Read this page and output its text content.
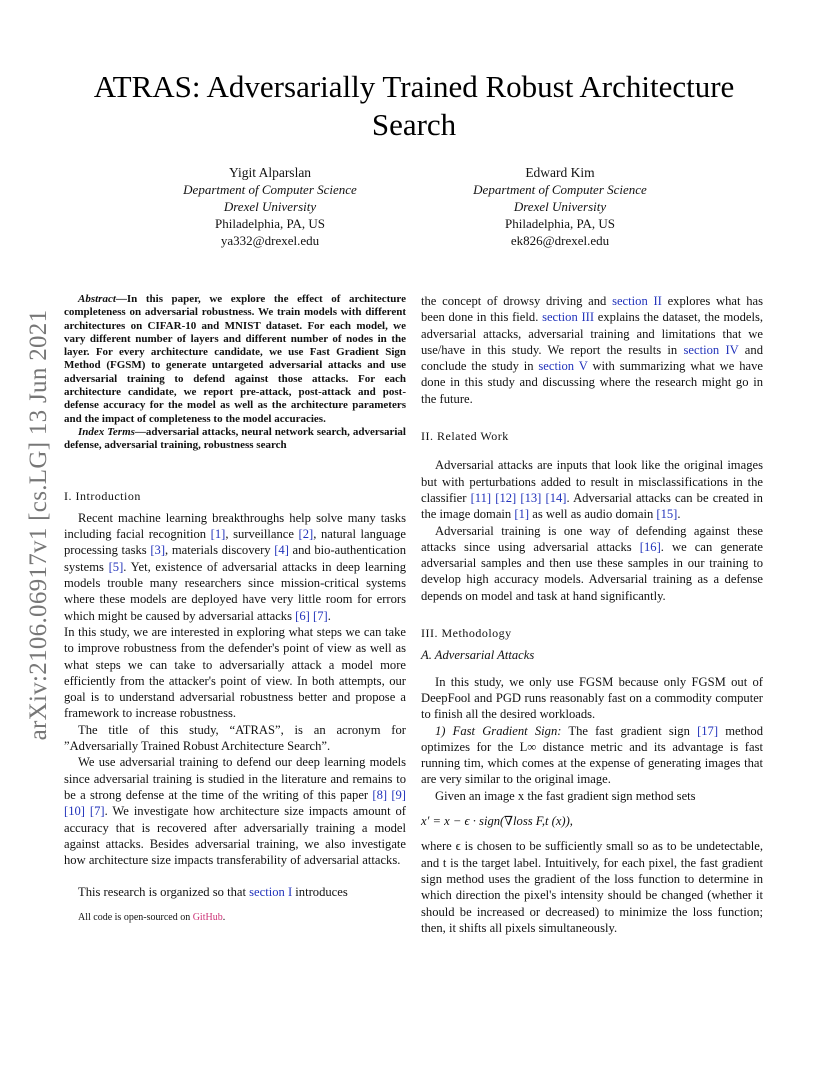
arXiv:2106.06917v1 [cs.LG] 13 Jun 2021
ATRAS: Adversarially Trained Robust Architecture Search
Yigit Alparslan
Department of Computer Science
Drexel University
Philadelphia, PA, US
ya332@drexel.edu
Edward Kim
Department of Computer Science
Drexel University
Philadelphia, PA, US
ek826@drexel.edu

Abstract—In this paper, we explore the effect of architecture completeness on adversarial robustness. We train models with different architectures on CIFAR-10 and MNIST dataset. For each model, we vary different number of layers and different number of nodes in the layer. For every architecture candidate, we use Fast Gradient Sign Method (FGSM) to generate untargeted adversarial attacks and use adversarial training to defend against those attacks. For each architecture candidate, we report pre-attack, post-attack and post-defense accuracy for the model as well as the architecture parameters and the impact of completeness to the model accuracies.

Index Terms—adversarial attacks, neural network search, adversarial defense, adversarial training, robustness search

I. Introduction

Recent machine learning breakthroughs help solve many tasks including facial recognition [1], surveillance [2], natural language processing tasks [3], materials discovery [4] and bio-authentication systems [5]. Yet, existence of adversarial attacks in deep learning models trouble many researchers since mission-critical systems where these models are deployed have very little room for errors which might be caused by adversarial attacks [6] [7].

In this study, we are interested in exploring what steps we can take to improve robustness from the defender's point of view as well as what steps we can take to adversarially attack a model more efficiently from the attacker's point of view. In both attempts, our goal is to understand adversarial robustness better and propose a framework to increase robustness.

The title of this study, “ATRAS”, is an acronym for ”Adversarially Trained Robust Architecture Search”.

We use adversarial training to defend our deep learning models since adversarial training is studied in the literature and remains to be a strong defense at the time of the writing of this paper [8] [9] [10] [7]. We investigate how architecture size impacts amount of accuracy that is recovered after adversarially training a model against attacks. Besides adversarial training, we also investigate how architecture size impacts transferability of adversarial attacks.

This research is organized so that section I introduces

All code is open-sourced on GitHub.

the concept of drowsy driving and section II explores what has been done in this field. section III explains the dataset, the models, adversarial attacks, adversarial training and limitations that we use/have in this study. We report the results in section IV and conclude the study in section V with summarizing what we have done in this study and discussing where the research might go in the future.

II. Related Work

Adversarial attacks are inputs that look like the original images but with perturbations added to result in misclassifications in the classifier [11] [12] [13] [14]. Adversarial attacks can be created in the image domain [1] as well as audio domain [15].

Adversarial training is one way of defending against these attacks since using adversarial attacks [16]. we can generate adversarial samples and then use these samples in our training to develop high accuracy models. Adversarial training as a defense depends on model and task at hand significantly.

III. Methodology

A. Adversarial Attacks

In this study, we only use FGSM because only FGSM out of DeepFool and PGD runs reasonably fast on a commodity computer to finish all the desired workloads.

1) Fast Gradient Sign: The fast gradient sign [17] method optimizes for the L∞ distance metric and its advantage is fast running tim, which comes at the expense of generating images that are very similar to the original image.

Given an image x the fast gradient sign method sets

x′ = x − ϵ · sign(∇loss F,t (x)),

where ϵ is chosen to be sufficiently small so as to be undetectable, and t is the target label. Intuitively, for each pixel, the fast gradient sign method uses the gradient of the loss function to determine in which direction the pixel's intensity should be changed (whether it should be increased or decreased) to minimize the loss function; then, it shifts all pixels simultaneously.
